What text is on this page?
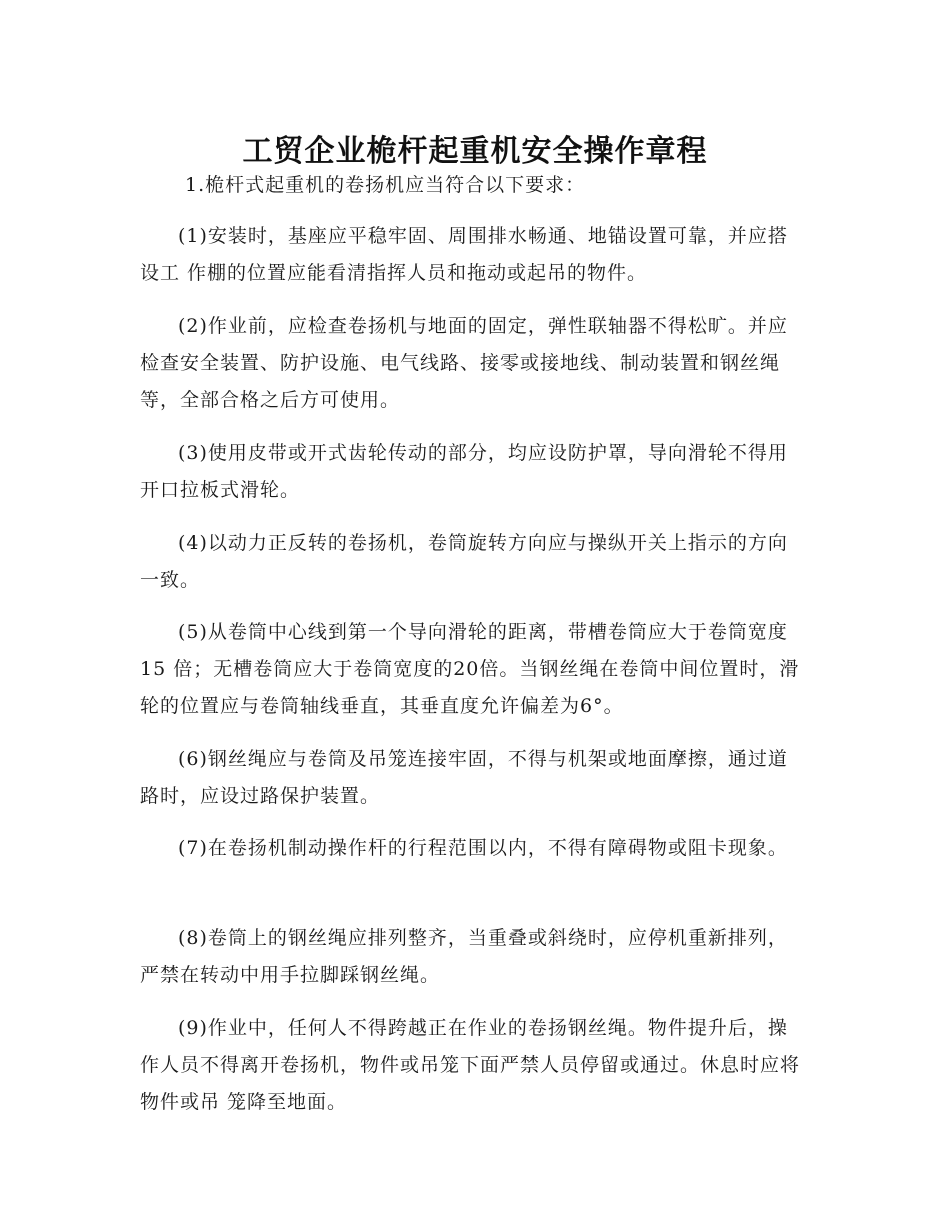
工贸企业桅杆起重机安全操作章程

1.桅杆式起重机的卷扬机应当符合以下要求：

(1)安装时，基座应平稳牢固、周围排水畅通、地锚设置可靠，并应搭设工 作棚的位置应能看清指挥人员和拖动或起吊的物件。

(2)作业前，应检查卷扬机与地面的固定，弹性联轴器不得松旷。并应检查安全装置、防护设施、电气线路、接零或接地线、制动装置和钢丝绳等，全部合格之后方可使用。

(3)使用皮带或开式齿轮传动的部分，均应设防护罩，导向滑轮不得用开口拉板式滑轮。

(4)以动力正反转的卷扬机，卷筒旋转方向应与操纵开关上指示的方向一致。

(5)从卷筒中心线到第一个导向滑轮的距离，带槽卷筒应大于卷筒宽度15 倍；无槽卷筒应大于卷筒宽度的20倍。当钢丝绳在卷筒中间位置时，滑轮的位置应与卷筒轴线垂直，其垂直度允许偏差为6°。

(6)钢丝绳应与卷筒及吊笼连接牢固，不得与机架或地面摩擦，通过道路时，应设过路保护装置。

(7)在卷扬机制动操作杆的行程范围以内，不得有障碍物或阻卡现象。

(8)卷筒上的钢丝绳应排列整齐，当重叠或斜绕时，应停机重新排列，严禁在转动中用手拉脚踩钢丝绳。

(9)作业中，任何人不得跨越正在作业的卷扬钢丝绳。物件提升后，操作人员不得离开卷扬机，物件或吊笼下面严禁人员停留或通过。休息时应将物件或吊 笼降至地面。
